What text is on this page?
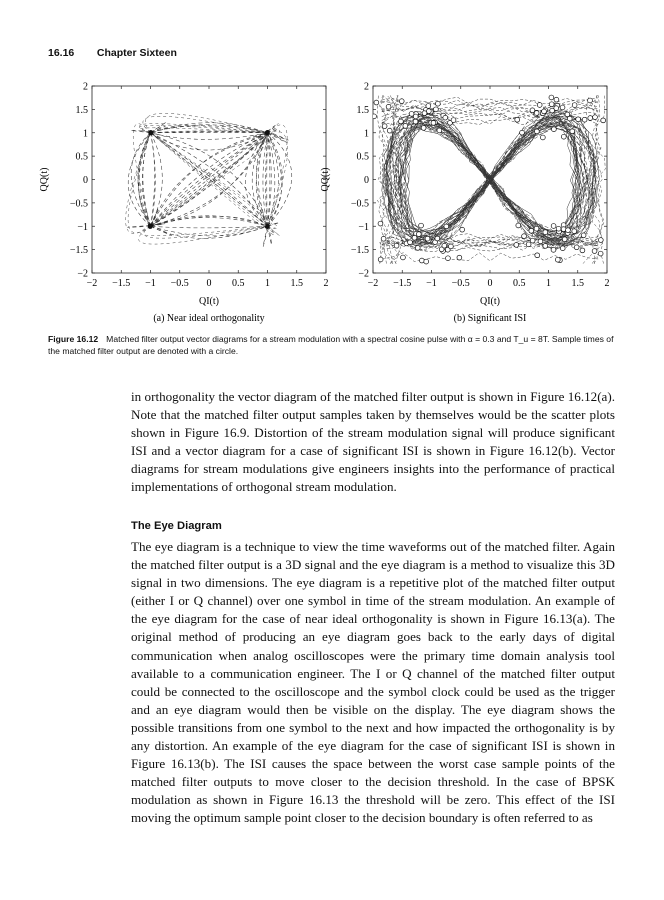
16.16 Chapter Sixteen
−2
2
−1.5
1.5
−1
1
−0.5
0.5
0
0
0.5
−0.5
1
−1
1.5
−1.5
2
−2
QI(t)
QQ(t)
(a) Near ideal orthogonality
−2
2
−1.5
1.5
−1
1
−0.5
0.5
0
0
0.5
−0.5
1
−1
1.5
−1.5
2
−2
QI(t)
QQ(t)
(b) Significant ISI
Figure 16.12 Matched filter output vector diagrams for a stream modulation with a spectral cosine pulse with α = 0.3 and T_u = 8T. Sample times of the matched filter output are denoted with a circle.

in orthogonality the vector diagram of the matched filter output is shown in Figure 16.12(a). Note that the matched filter output samples taken by themselves would be the scatter plots shown in Figure 16.9. Distortion of the stream modulation signal will produce significant ISI and a vector diagram for a case of significant ISI is shown in Figure 16.12(b). Vector diagrams for stream modulations give engineers insights into the performance of practical implementations of orthogonal stream modulation.

The Eye Diagram

The eye diagram is a technique to view the time waveforms out of the matched filter. Again the matched filter output is a 3D signal and the eye diagram is a method to visualize this 3D signal in two dimensions. The eye diagram is a repetitive plot of the matched filter output (either I or Q channel) over one symbol in time of the stream modulation. An example of the eye diagram for the case of near ideal orthogonality is shown in Figure 16.13(a). The original method of producing an eye diagram goes back to the early days of digital communication when analog oscilloscopes were the primary time domain analysis tool available to a communication engineer. The I or Q channel of the matched filter output could be connected to the oscilloscope and the symbol clock could be used as the trigger and an eye diagram would then be visible on the display. The eye diagram shows the possible transitions from one symbol to the next and how impacted the orthogonality is by any distortion. An example of the eye diagram for the case of significant ISI is shown in Figure 16.13(b). The ISI causes the space between the worst case sample points of the matched filter outputs to move closer to the decision threshold. In the case of BPSK modulation as shown in Figure 16.13 the threshold will be zero. This effect of the ISI moving the optimum sample point closer to the decision boundary is often referred to as
